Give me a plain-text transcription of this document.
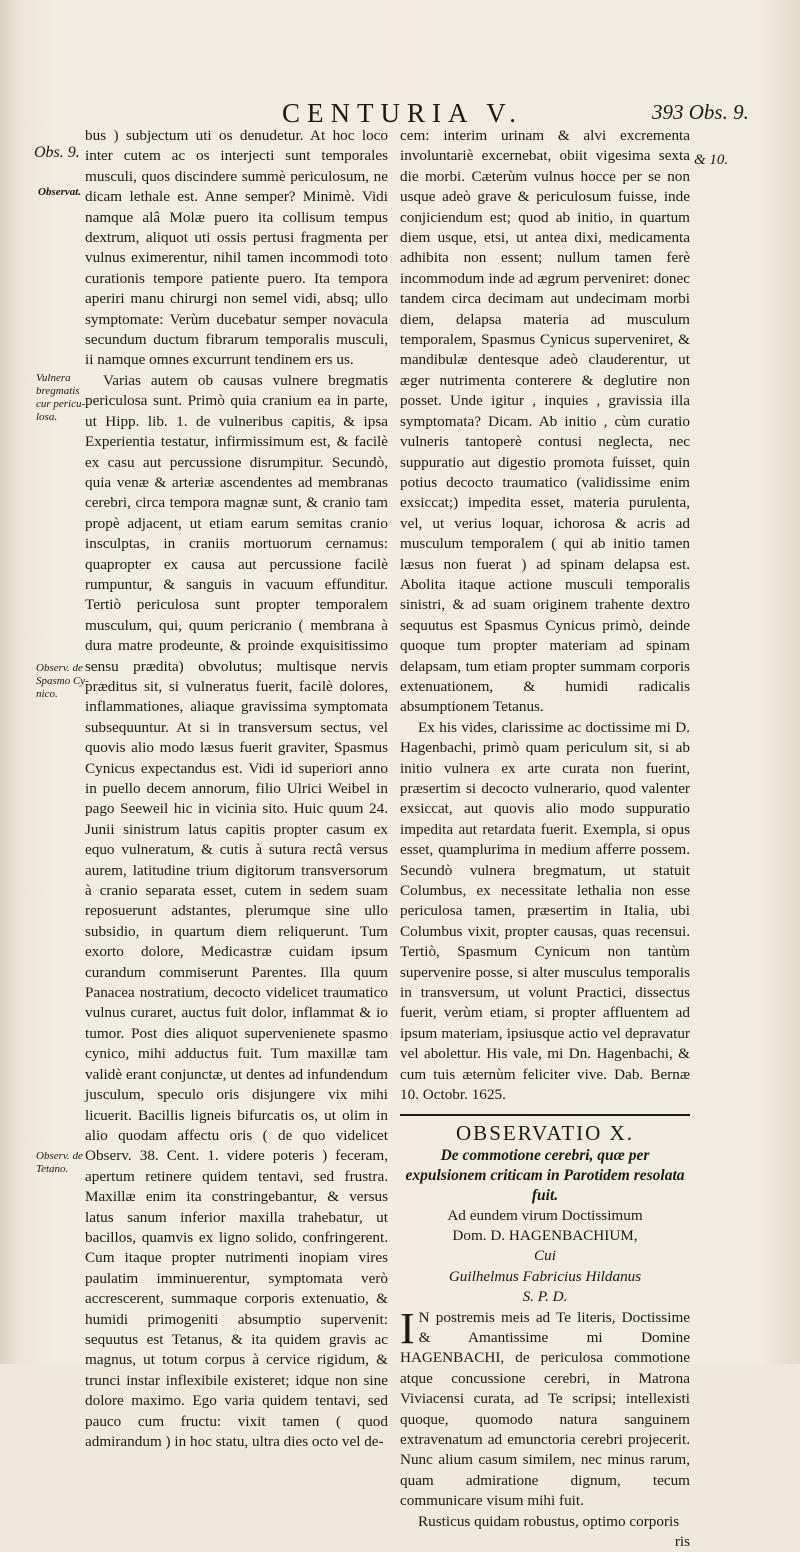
CENTURIA V.	393 Obs. 9.
Obs. 9.
Observat.
Vulnera
bregmatis
cur pericu-
losa.
Observ. de
Spasmo Cy-
nico.
Observ. de
Tetano.
& 10.

bus ) subjectum uti os denudetur. At hoc loco inter cutem ac os interjecti sunt temporales musculi, quos discindere summè periculosum, ne dicam lethale est. Anne semper? Minimè. Vidi namque alâ Molæ puero ita collisum tempus dextrum, aliquot uti ossis pertusi fragmenta per vulnus eximerentur, nihil tamen incommodi toto curationis tempore patiente puero. Ita tempora aperiri manu chirurgi non semel vidi, absq; ullo symptomate: Verùm ducebatur semper novacula secundum ductum fibrarum temporalis musculi, ii namque omnes excurrunt tendinem ers us.

Varias autem ob causas vulnere bregmatis periculosa sunt. Primò quia cranium ea in parte, ut Hipp. lib. 1. de vulneribus capitis, & ipsa Experientia testatur, infirmissimum est, & facilè ex casu aut percussione disrumpitur. Secundò, quia venæ & arteriæ ascendentes ad membranas cerebri, circa tempora magnæ sunt, & cranio tam propè adjacent, ut etiam earum semitas cranio insculptas, in craniis mortuorum cernamus: quapropter ex causa aut percussione facilè rumpuntur, & sanguis in vacuum effunditur. Tertiò periculosa sunt propter temporalem musculum, qui, quum pericranio ( membrana à dura matre prodeunte, & proinde exquisitissimo sensu prædita) obvolutus; multisque nervis præditus sit, si vulneratus fuerit, facilè dolores, inflammationes, aliaque gravissima symptomata subsequuntur. At si in transversum sectus, vel quovis alio modo læsus fuerit graviter, Spasmus Cynicus expectandus est. Vidi id superiori anno in puello decem annorum, filio Ulrici Weibel in pago Seeweil hic in vicinia sito. Huic quum 24. Junii sinistrum latus capitis propter casum ex equo vulneratum, & cutis à sutura rectâ versus aurem, latitudine trium digitorum transversorum à cranio separata esset, cutem in sedem suam reposuerunt adstantes, plerumque sine ullo subsidio, in quartum diem reliquerunt. Tum exorto dolore, Medicastræ cuidam ipsum curandum commiserunt Parentes. Illa quum Panacea nostratium, decocto videlicet traumatico vulnus curaret, auctus fuit dolor, inflammat & io tumor. Post dies aliquot supervenienete spasmo cynico, mihi adductus fuit. Tum maxillæ tam validè erant conjunctæ, ut dentes ad infundendum jusculum, speculo oris disjungere vix mihi licuerit. Bacillis ligneis bifurcatis os, ut olim in alio quodam affectu oris ( de quo videlicet Observ. 38. Cent. 1. videre poteris ) feceram, apertum retinere quidem tentavi, sed frustra. Maxillæ enim ita constringebantur, & versus latus sanum inferior maxilla trahebatur, ut bacillos, quamvis ex ligno solido, confringerent. Cum itaque propter nutrimenti inopiam vires paulatim imminuerentur, symptomata verò accrescerent, summaque corporis extenuatio, & humidi primogeniti absumptio supervenit: sequutus est Tetanus, & ita quidem gravis ac magnus, ut totum corpus à cervice rigidum, & trunci instar inflexibile existeret; idque non sine dolore maximo. Ego varia quidem tentavi, sed pauco cum fructu: vixit tamen ( quod admirandum ) in hoc statu, ultra dies octo vel de-

cem: interim urinam & alvi excrementa involuntariè excernebat, obiit vigesima sexta die morbi. Cæterùm vulnus hocce per se non usque adeò grave & periculosum fuisse, inde conjiciendum est; quod ab initio, in quartum diem usque, etsi, ut antea dixi, medicamenta adhibita non essent; nullum tamen ferè incommodum inde ad ægrum perveniret: donec tandem circa decimam aut undecimam morbi diem, delapsa materia ad musculum temporalem, Spasmus Cynicus superveniret, & mandibulæ dentesque adeò clauderentur, ut æger nutrimenta conterere & deglutire non posset. Unde igitur , inquies , gravissia illa symptomata? Dicam. Ab initio , cùm curatio vulneris tantoperè contusi neglecta, nec suppuratio aut digestio promota fuisset, quin potius decocto traumatico (validissime enim exsiccat;) impedita esset, materia purulenta, vel, ut verius loquar, ichorosa & acris ad musculum temporalem ( qui ab initio tamen læsus non fuerat ) ad spinam delapsa est. Abolita itaque actione musculi temporalis sinistri, & ad suam originem trahente dextro sequutus est Spasmus Cynicus primò, deinde quoque tum propter materiam ad spinam delapsam, tum etiam propter summam corporis extenuationem, & humidi radicalis absumptionem Tetanus.

Ex his vides, clarissime ac doctissime mi D. Hagenbachi, primò quam periculum sit, si ab initio vulnera ex arte curata non fuerint, præsertim si decocto vulnerario, quod valenter exsiccat, aut quovis alio modo suppuratio impedita aut retardata fuerit. Exempla, si opus esset, quamplurima in medium afferre possem. Secundò vulnera bregmatum, ut statuit Columbus, ex necessitate lethalia non esse periculosa tamen, præsertim in Italia, ubi Columbus vixit, propter causas, quas recensui. Tertiò, Spasmum Cynicum non tantùm supervenire posse, si alter musculus temporalis in transversum, ut volunt Practici, dissectus fuerit, verùm etiam, si propter affluentem ad ipsum materiam, ipsiusque actio vel depravatur vel abolettur. His vale, mi Dn. Hagenbachi, & cum tuis æternùm feliciter vive. Dab. Bernæ 10. Octobr. 1625.

OBSERVATIO X.

De commotione cerebri, quæ per expulsionem criticam in Parotidem resolata fuit.

Ad eundem virum Doctissimum

Dom. D. HAGENBACHIUM,

Cui

Guilhelmus Fabricius Hildanus

S. P. D.

I N postremis meis ad Te literis, Doctissime & Amantissime mi Domine HAGENBACHI, de periculosa commotione atque concussione cerebri, in Matrona Viviacensi curata, ad Te scripsi; intellexisti quoque, quomodo natura sanguinem extravenatum ad emunctoria cerebri projecerit. Nunc alium casum similem, nec minus rarum, quam admiratione dignum, tecum communicare visum mihi fuit.

Rusticus quidam robustus, optimo corporis

ris
